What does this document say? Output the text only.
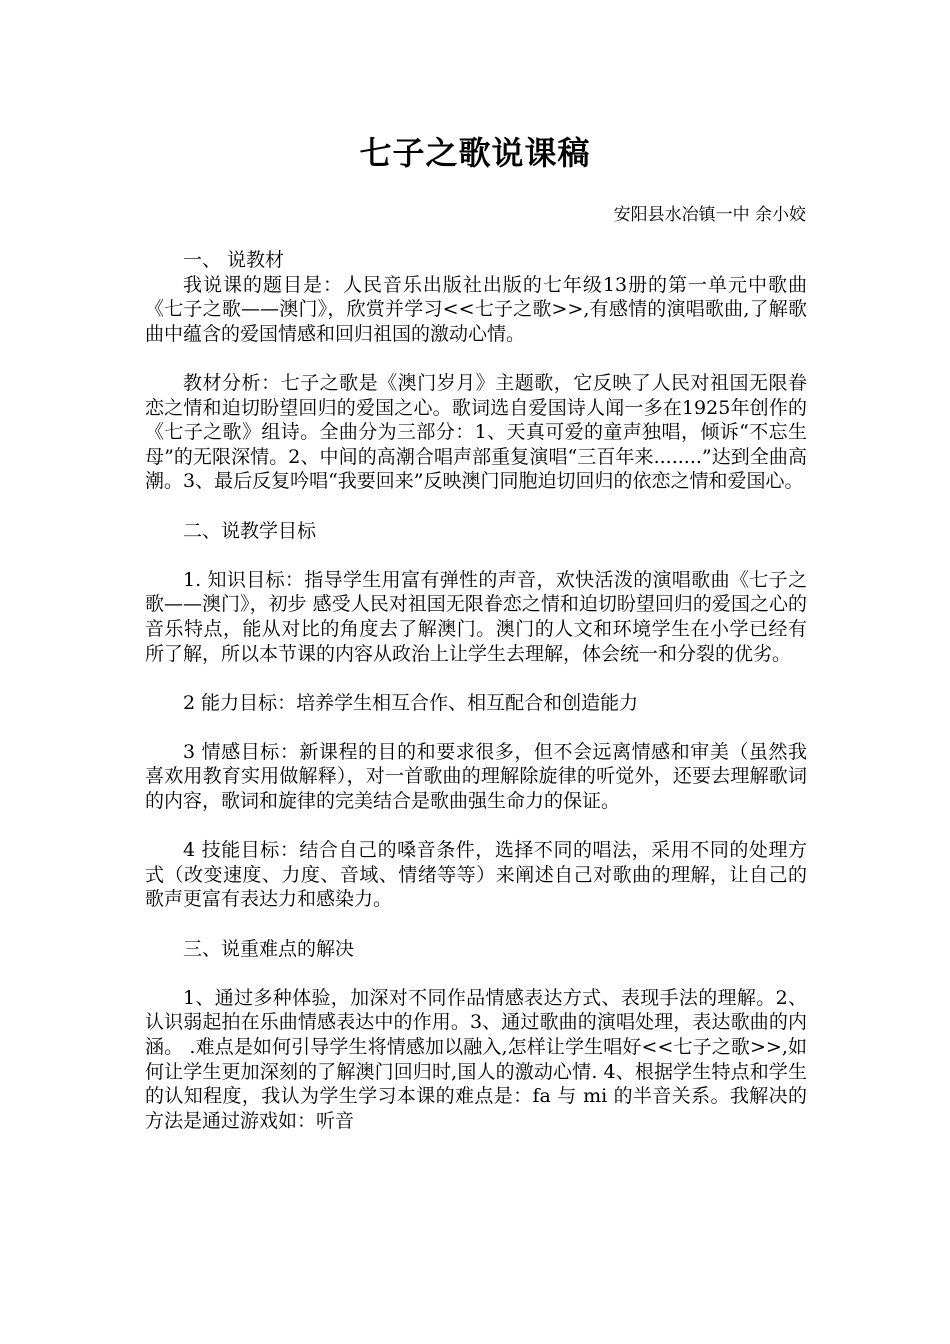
七子之歌说课稿
安阳县水冶镇一中 余小姣

一、 说教材

我说课的题目是：人民音乐出版社出版的七年级13册的第一单元中歌曲《七子之歌——澳门》，欣赏并学习<<七子之歌>>,有感情的演唱歌曲,了解歌曲中蕴含的爱国情感和回归祖国的激动心情。

教材分析：七子之歌是《澳门岁月》主题歌，它反映了人民对祖国无限眷恋之情和迫切盼望回归的爱国之心。歌词选自爱国诗人闻一多在1925年创作的《七子之歌》组诗。全曲分为三部分：1、天真可爱的童声独唱，倾诉“不忘生母”的无限深情。2、中间的高潮合唱声部重复演唱“三百年来........”达到全曲高潮。3、最后反复吟唱“我要回来”反映澳门同胞迫切回归的依恋之情和爱国心。

二、说教学目标

1. 知识目标：指导学生用富有弹性的声音，欢快活泼的演唱歌曲《七子之歌——澳门》，初步 感受人民对祖国无限眷恋之情和迫切盼望回归的爱国之心的音乐特点，能从对比的角度去了解澳门。澳门的人文和环境学生在小学已经有所了解，所以本节课的内容从政治上让学生去理解，体会统一和分裂的优劣。

2 能力目标：培养学生相互合作、相互配合和创造能力

3 情感目标：新课程的目的和要求很多，但不会远离情感和审美（虽然我喜欢用教育实用做解释），对一首歌曲的理解除旋律的听觉外，还要去理解歌词的内容，歌词和旋律的完美结合是歌曲强生命力的保证。

4 技能目标：结合自己的嗓音条件，选择不同的唱法，采用不同的处理方式（改变速度、力度、音域、情绪等等）来阐述自己对歌曲的理解，让自己的歌声更富有表达力和感染力。

三、说重难点的解决

1、通过多种体验，加深对不同作品情感表达方式、表现手法的理解。2、认识弱起拍在乐曲情感表达中的作用。3、通过歌曲的演唱处理，表达歌曲的内涵。 .难点是如何引导学生将情感加以融入,怎样让学生唱好<<七子之歌>>,如何让学生更加深刻的了解澳门回归时,国人的激动心情. 4、根据学生特点和学生的认知程度，我认为学生学习本课的难点是：fa 与 mi 的半音关系。我解决的方法是通过游戏如：听音
